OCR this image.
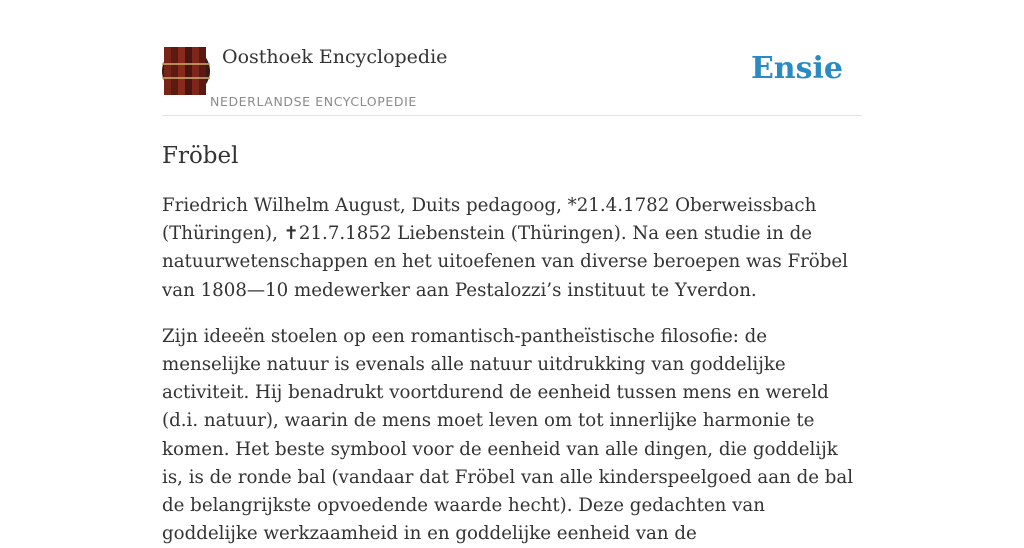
Oosthoek Encyclopedie
NEDERLANDSE ENCYCLOPEDIE
Ensie
Fröbel

Friedrich Wilhelm August, Duits pedagoog, *21.4.1782 Oberweissbach (Thüringen), ✝21.7.1852 Liebenstein (Thüringen). Na een studie in de natuurwetenschappen en het uitoefenen van diverse beroepen was Fröbel van 1808—10 medewerker aan Pestalozzi’s instituut te Yverdon.

Zijn ideeën stoelen op een romantisch-pantheïstische filosofie: de menselijke natuur is evenals alle natuur uitdrukking van goddelijke activiteit. Hij benadrukt voortdurend de eenheid tussen mens en wereld (d.i. natuur), waarin de mens moet leven om tot innerlijke harmonie te komen. Het beste symbool voor de eenheid van alle dingen, die goddelijk is, is de ronde bal (vandaar dat Fröbel van alle kinderspeelgoed aan de bal de belangrijkste opvoedende waarde hecht). Deze gedachten van goddelijke werkzaamheid in en goddelijke eenheid van de
